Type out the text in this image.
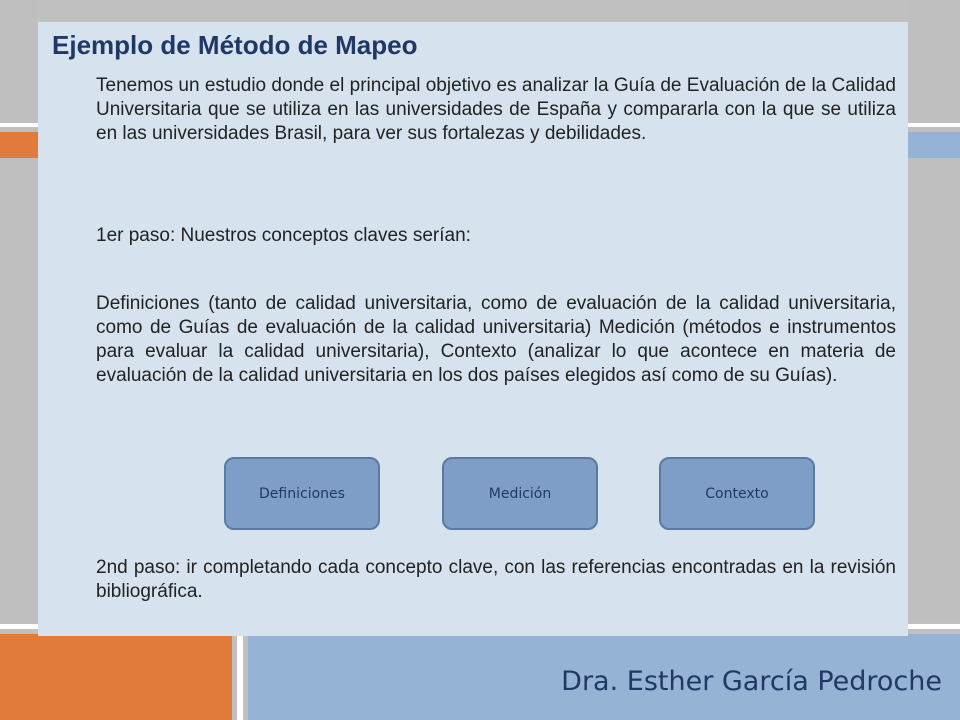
Dra. Esther García Pedroche
Ejemplo de Método de Mapeo

Tenemos un estudio donde el principal objetivo es analizar la Guía de Evaluación de la Calidad Universitaria que se utiliza en las universidades de España y compararla con la que se utiliza en las universidades Brasil, para ver sus fortalezas y debilidades.

1er paso: Nuestros conceptos claves serían:

Definiciones (tanto de calidad universitaria, como de evaluación de la calidad universitaria, como de Guías de evaluación de la calidad universitaria) Medición (métodos e instrumentos para evaluar la calidad universitaria), Contexto (analizar lo que acontece en materia de evaluación de la calidad universitaria en los dos países elegidos así como de su Guías).

Definiciones	Medición	Contexto

2nd paso: ir completando cada concepto clave, con las referencias encontradas en la revisión bibliográfica.
